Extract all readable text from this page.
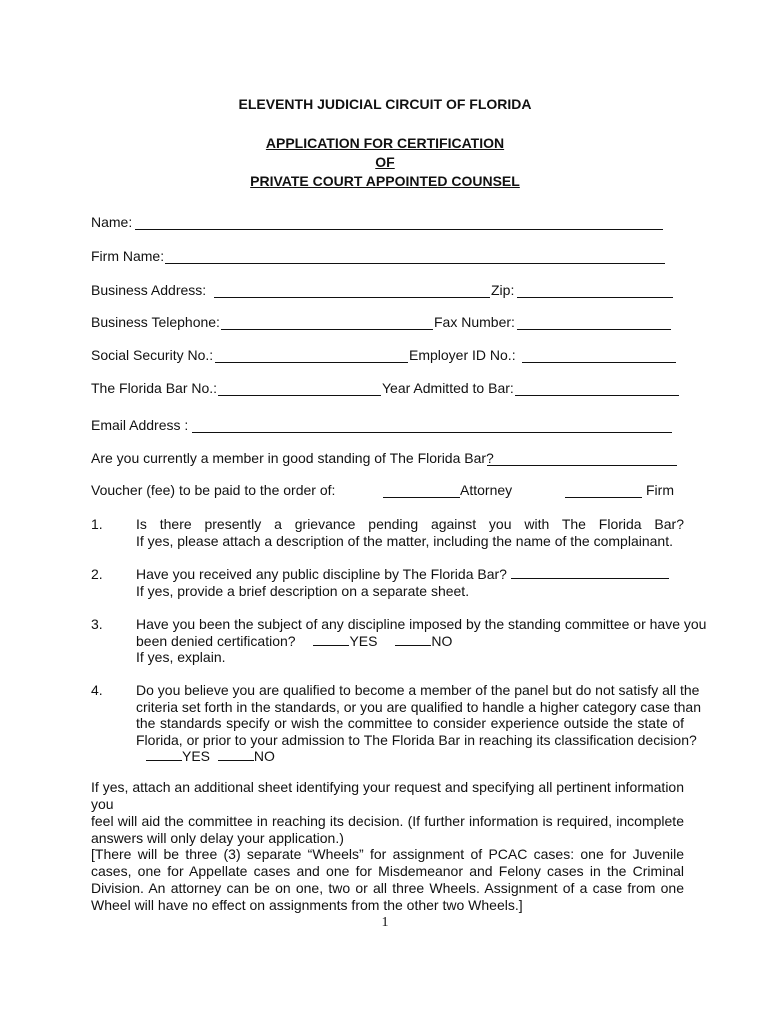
ELEVENTH JUDICIAL CIRCUIT OF FLORIDA
APPLICATION FOR CERTIFICATION
OF
PRIVATE COURT APPOINTED COUNSEL
Name:
Firm Name:
Business Address:	Zip:
Business Telephone:	Fax Number:
Social Security No.:	Employer ID No.:
The Florida Bar No.:	Year Admitted to Bar:
Email Address :
Are you currently a member in good standing of The Florida Bar?
Voucher (fee) to be paid to the order of:	Attorney	Firm
1. Is there presently a grievance pending against you with The Florida Bar?
If yes, please attach a description of the matter, including the name of the complainant.
2. Have you received any public discipline by The Florida Bar?
If yes, provide a brief description on a separate sheet.
3. Have you been the subject of any discipline imposed by the standing committee or have you
been denied certification?	YES	NO
If yes, explain.
4. Do you believe you are qualified to become a member of the panel but do not satisfy all the
criteria set forth in the standards, or you are qualified to handle a higher category case than
the standards specify or wish the committee to consider experience outside the state of
Florida, or prior to your admission to The Florida Bar in reaching its classification decision?
YES	NO
If yes, attach an additional sheet identifying your request and specifying all pertinent information you
feel will aid the committee in reaching its decision. (If further information is required, incomplete
answers will only delay your application.)
[There will be three (3) separate “Wheels” for assignment of PCAC cases: one for Juvenile
cases, one for Appellate cases and one for Misdemeanor and Felony cases in the Criminal
Division. An attorney can be on one, two or all three Wheels. Assignment of a case from one
Wheel will have no effect on assignments from the other two Wheels.]
1
